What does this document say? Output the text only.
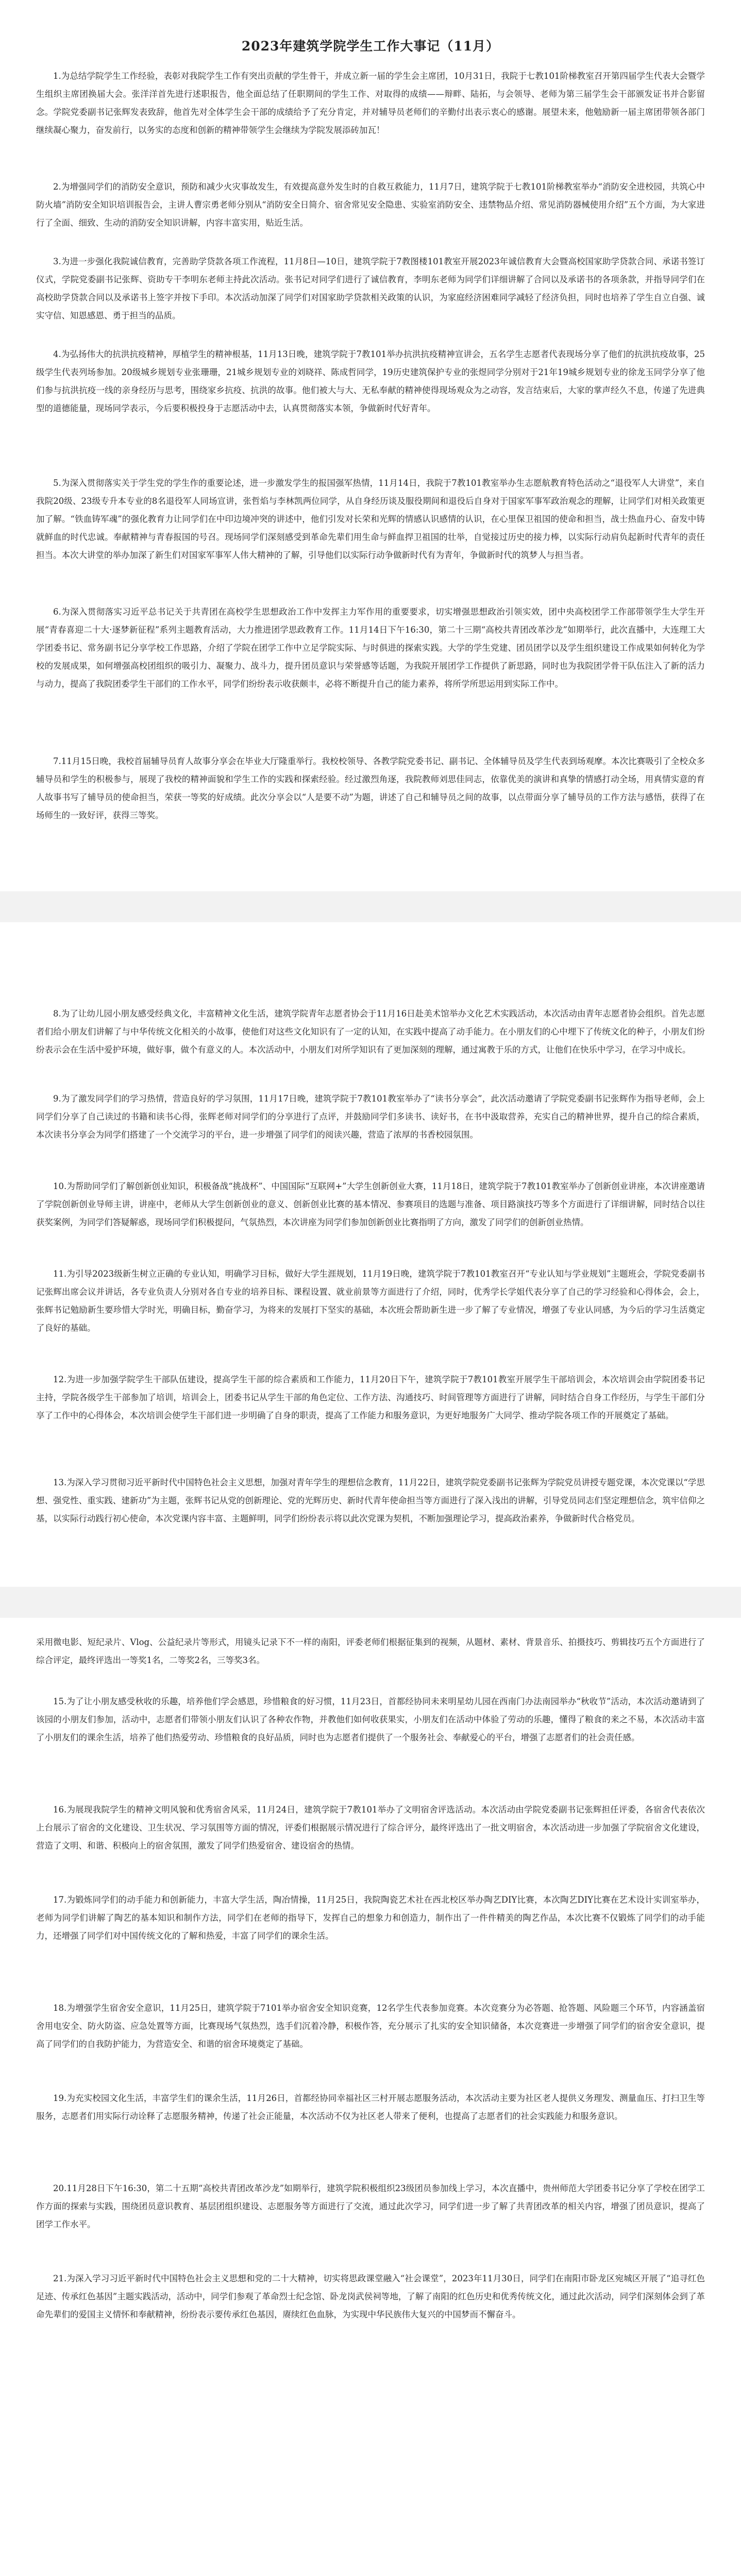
2023年建筑学院学生工作大事记（11月）

1.为总结学院学生工作经验，表彰对我院学生工作有突出贡献的学生骨干，并成立新一届的学生会主席团，10月31日，我院于七教101阶梯教室召开第四届学生代表大会暨学生组织主席团换届大会。张洋洋首先进行述职报告，他全面总结了任职期间的学生工作、对取得的成绩——辩畔、陆拓，与会领导、老师为第三届学生会干部颁发证书并合影留念。学院党委副书记张辉发表致辞，他首先对全体学生会干部的成绩给予了充分肯定，并对辅导员老师们的辛勤付出表示衷心的感谢。展望未来，他勉励新一届主席团带领各部门继续凝心聚力，奋发前行，以务实的态度和创新的精神带领学生会继续为学院发展添砖加瓦！

2.为增强同学们的消防安全意识，预防和减少火灾事故发生，有效提高意外发生时的自救互救能力，11月7日，建筑学院于七教101阶梯教室举办“消防安全进校园，共筑心中防火墙”消防安全知识培训报告会，主讲人曹宗勇老师分别从“消防安全日简介、宿舍常见安全隐患、实验室消防安全、违禁物品介绍、常见消防器械使用介绍”五个方面，为大家进行了全面、细致、生动的消防安全知识讲解，内容丰富实用，贴近生活。

3.为进一步强化我院诚信教育，完善助学贷款各项工作流程，11月8日—10日，建筑学院于7教图楼101教室开展2023年诚信教育大会暨高校国家助学贷款合同、承诺书签订仪式，学院党委副书记张辉、资助专干李明东老师主持此次活动。张书记对同学们进行了诚信教育，李明东老师为同学们详细讲解了合同以及承诺书的各项条款，并指导同学们在高校助学贷款合同以及承诺书上签字并按下手印。本次活动加深了同学们对国家助学贷款相关政策的认识，为家庭经济困难同学减轻了经济负担，同时也培养了学生自立自强、诚实守信、知恩感恩、勇于担当的品质。

4.为弘扬伟大的抗洪抗疫精神，厚植学生的精神根基，11月13日晚，建筑学院于7教101举办抗洪抗疫精神宣讲会，五名学生志愿者代表现场分享了他们的抗洪抗疫故事，25级学生代表列场参加。20级城乡规划专业张珊珊，21城乡规划专业的刘晓祥、陈成哲同学，19历史建筑保护专业的张煜同学分别对于21年19城乡规划专业的徐龙玉同学分享了他们参与抗洪抗疫一线的亲身经历与思考，围绕家乡抗疫、抗洪的故事。他们被大与大、无私奉献的精神使得现场观众为之动容，发言结束后，大家的掌声经久不息，传递了先进典型的道德能量，现场同学表示，今后要积极投身于志愿活动中去，认真贯彻落实本领，争做新时代好青年。

5.为深入贯彻落实关于学生党的学生作的重要论述，进一步激发学生的报国强军热情，11月14日，我院于7教101教室举办生志愿航教育特色活动之“退役军人大讲堂”，来自我院20级、23级专升本专业的8名退役军人同场宣讲，张哲焰与李林凯两位同学，从自身经历谈及服役期间和退役后自身对于国家军事军政治观念的理解，让同学们对相关政策更加了解。“铁血铸军魂”的强化教育力让同学们在中印边境冲突的讲述中，他们引发对长荣和光辉的情感认识感情的认识，在心里保卫祖国的使命和担当，战士热血丹心、奋发中铸就鲜血的时代忠诚。奉献精神与青春报国的号召。现场同学们深刻感受到革命先辈们用生命与鲜血捍卫祖国的壮举，自觉接过历史的接力棒，以实际行动肩负起新时代青年的责任担当。本次大讲堂的举办加深了新生们对国家军事军人伟大精神的了解，引导他们以实际行动争做新时代有为青年，争做新时代的筑梦人与担当者。

6.为深入贯彻落实习近平总书记关于共青团在高校学生思想政治工作中发挥主力军作用的重要要求，切实增强思想政治引领实效，团中央高校团学工作部带领学生大学生开展“青春喜迎二十大·逐梦新征程”系列主题教育活动，大力推进团学思政教育工作。11月14日下午16:30，第二十三期“高校共青团改革沙龙”如期举行，此次直播中，大连理工大学团委书记、常务副书记分享学校工作思路，介绍了学院在团学工作中立足学院实际、与时俱进的探索实践。大学的学生党建、团员团学以及学生组织建设工作成果如何转化为学校的发展成果，如何增强高校团组织的吸引力、凝聚力、战斗力，提升团员意识与荣誉感等话题，为我院开展团学工作提供了新思路，同时也为我院团学骨干队伍注入了新的活力与动力，提高了我院团委学生干部们的工作水平，同学们纷纷表示收获颇丰，必将不断提升自己的能力素养，将所学所思运用到实际工作中。

7.11月15日晚，我校首届辅导员育人故事分享会在毕业大厅隆重举行。我校校领导、各教学院党委书记、副书记、全体辅导员及学生代表到场观摩。本次比赛吸引了全校众多辅导员和学生的积极参与，展现了我校的精神面貌和学生工作的实践和探索经验。经过激烈角逐，我院教师刘思佳同志，依靠优美的演讲和真挚的情感打动全场，用真情实意的育人故事书写了辅导员的使命担当，荣获一等奖的好成绩。此次分享会以“人是要不动”为题，讲述了自己和辅导员之间的故事，以点带面分享了辅导员的工作方法与感悟，获得了在场师生的一致好评，获得三等奖。

8.为了让幼儿园小朋友感受经典文化，丰富精神文化生活，建筑学院青年志愿者协会于11月16日赴美术馆举办文化艺术实践活动，本次活动由青年志愿者协会组织。首先志愿者们给小朋友们讲解了与中华传统文化相关的小故事，使他们对这些文化知识有了一定的认知，在实践中提高了动手能力。在小朋友们的心中埋下了传统文化的种子，小朋友们纷纷表示会在生活中爱护环境，做好事，做个有意义的人。本次活动中，小朋友们对所学知识有了更加深刻的理解，通过寓教于乐的方式，让他们在快乐中学习，在学习中成长。

9.为了激发同学们的学习热情，营造良好的学习氛围，11月17日晚，建筑学院于7教101教室举办了“读书分享会”，此次活动邀请了学院党委副书记张辉作为指导老师，会上同学们分享了自己读过的书籍和读书心得，张辉老师对同学们的分享进行了点评，并鼓励同学们多读书、读好书，在书中汲取营养，充实自己的精神世界，提升自己的综合素质，本次读书分享会为同学们搭建了一个交流学习的平台，进一步增强了同学们的阅读兴趣，营造了浓厚的书香校园氛围。

10.为帮助同学们了解创新创业知识，积极备战“挑战杯”、中国国际“互联网+”大学生创新创业大赛，11月18日，建筑学院于7教101教室举办了创新创业讲座，本次讲座邀请了学院创新创业导师主讲，讲座中，老师从大学生创新创业的意义、创新创业比赛的基本情况、参赛项目的选题与准备、项目路演技巧等多个方面进行了详细讲解，同时结合以往获奖案例，为同学们答疑解惑，现场同学们积极提问，气氛热烈，本次讲座为同学们参加创新创业比赛指明了方向，激发了同学们的创新创业热情。

11.为引导2023级新生树立正确的专业认知，明确学习目标，做好大学生涯规划，11月19日晚，建筑学院于7教101教室召开“专业认知与学业规划”主题班会，学院党委副书记张辉出席会议并讲话，各专业负责人分别对各自专业的培养目标、课程设置、就业前景等方面进行了介绍，同时，优秀学长学姐代表分享了自己的学习经验和心得体会，会上，张辉书记勉励新生要珍惜大学时光，明确目标，勤奋学习，为将来的发展打下坚实的基础，本次班会帮助新生进一步了解了专业情况，增强了专业认同感，为今后的学习生活奠定了良好的基础。

12.为进一步加强学院学生干部队伍建设，提高学生干部的综合素质和工作能力，11月20日下午，建筑学院于7教101教室开展学生干部培训会，本次培训会由学院团委书记主持，学院各级学生干部参加了培训，培训会上，团委书记从学生干部的角色定位、工作方法、沟通技巧、时间管理等方面进行了讲解，同时结合自身工作经历，与学生干部们分享了工作中的心得体会，本次培训会使学生干部们进一步明确了自身的职责，提高了工作能力和服务意识，为更好地服务广大同学、推动学院各项工作的开展奠定了基础。

13.为深入学习贯彻习近平新时代中国特色社会主义思想，加强对青年学生的理想信念教育，11月22日，建筑学院党委副书记张辉为学院党员讲授专题党课，本次党课以“学思想、强党性、重实践、建新功”为主题，张辉书记从党的创新理论、党的光辉历史、新时代青年使命担当等方面进行了深入浅出的讲解，引导党员同志们坚定理想信念，筑牢信仰之基，以实际行动践行初心使命，本次党课内容丰富、主题鲜明，同学们纷纷表示将以此次党课为契机，不断加强理论学习，提高政治素养，争做新时代合格党员。

采用微电影、短纪录片、Vlog、公益纪录片等形式，用镜头记录下不一样的南阳，评委老师们根据征集到的视频，从题材、素材、背景音乐、拍摄技巧、剪辑技巧五个方面进行了综合评定，最终评选出一等奖1名，二等奖2名，三等奖3名。

15.为了让小朋友感受秋收的乐趣，培养他们学会感恩，珍惜粮食的好习惯，11月23日，首都经协同未来明星幼儿园在西南门办法南园举办“秋收节”活动，本次活动邀请到了该园的小朋友们参加，活动中，志愿者们带领小朋友们认识了各种农作物，并教他们如何收获果实，小朋友们在活动中体验了劳动的乐趣，懂得了粮食的来之不易，本次活动丰富了小朋友们的课余生活，培养了他们热爱劳动、珍惜粮食的良好品质，同时也为志愿者们提供了一个服务社会、奉献爱心的平台，增强了志愿者们的社会责任感。

16.为展现我院学生的精神文明风貌和优秀宿舍风采，11月24日，建筑学院于7教101举办了文明宿舍评选活动。本次活动由学院党委副书记张辉担任评委，各宿舍代表依次上台展示了宿舍的文化建设、卫生状况、学习氛围等方面的情况，评委们根据展示情况进行了综合评分，最终评选出了一批文明宿舍，本次活动进一步加强了学院宿舍文化建设，营造了文明、和谐、积极向上的宿舍氛围，激发了同学们热爱宿舍、建设宿舍的热情。

17.为锻炼同学们的动手能力和创新能力，丰富大学生活，陶冶情操，11月25日，我院陶瓷艺术社在西北校区举办陶艺DIY比赛，本次陶艺DIY比赛在艺术设计实训室举办，老师为同学们讲解了陶艺的基本知识和制作方法，同学们在老师的指导下，发挥自己的想象力和创造力，制作出了一件件精美的陶艺作品，本次比赛不仅锻炼了同学们的动手能力，还增强了同学们对中国传统文化的了解和热爱，丰富了同学们的课余生活。

18.为增强学生宿舍安全意识，11月25日，建筑学院于7101举办宿舍安全知识竞赛，12名学生代表参加竞赛。本次竞赛分为必答题、抢答题、风险题三个环节，内容涵盖宿舍用电安全、防火防盗、应急处置等方面，比赛现场气氛热烈，选手们沉着冷静，积极作答，充分展示了扎实的安全知识储备，本次竞赛进一步增强了同学们的宿舍安全意识，提高了同学们的自我防护能力，为营造安全、和谐的宿舍环境奠定了基础。

19.为充实校园文化生活，丰富学生们的课余生活，11月26日，首都经协同幸福社区三村开展志愿服务活动，本次活动主要为社区老人提供义务理发、测量血压、打扫卫生等服务，志愿者们用实际行动诠释了志愿服务精神，传递了社会正能量，本次活动不仅为社区老人带来了便利，也提高了志愿者们的社会实践能力和服务意识。

20.11月28日下午16:30，第二十五期“高校共青团改革沙龙”如期举行，建筑学院积极组织23级团员参加线上学习，本次直播中，贵州师范大学团委书记分享了学校在团学工作方面的探索与实践，围绕团员意识教育、基层团组织建设、志愿服务等方面进行了交流，通过此次学习，同学们进一步了解了共青团改革的相关内容，增强了团员意识，提高了团学工作水平。

21.为深入学习习近平新时代中国特色社会主义思想和党的二十大精神，切实将思政课堂融入“社会课堂”，2023年11月30日，同学们在南阳市卧龙区宛城区开展了“追寻红色足迹、传承红色基因”主题实践活动，活动中，同学们参观了革命烈士纪念馆、卧龙岗武侯祠等地，了解了南阳的红色历史和优秀传统文化，通过此次活动，同学们深刻体会到了革命先辈们的爱国主义情怀和奉献精神，纷纷表示要传承红色基因，赓续红色血脉，为实现中华民族伟大复兴的中国梦而不懈奋斗。
